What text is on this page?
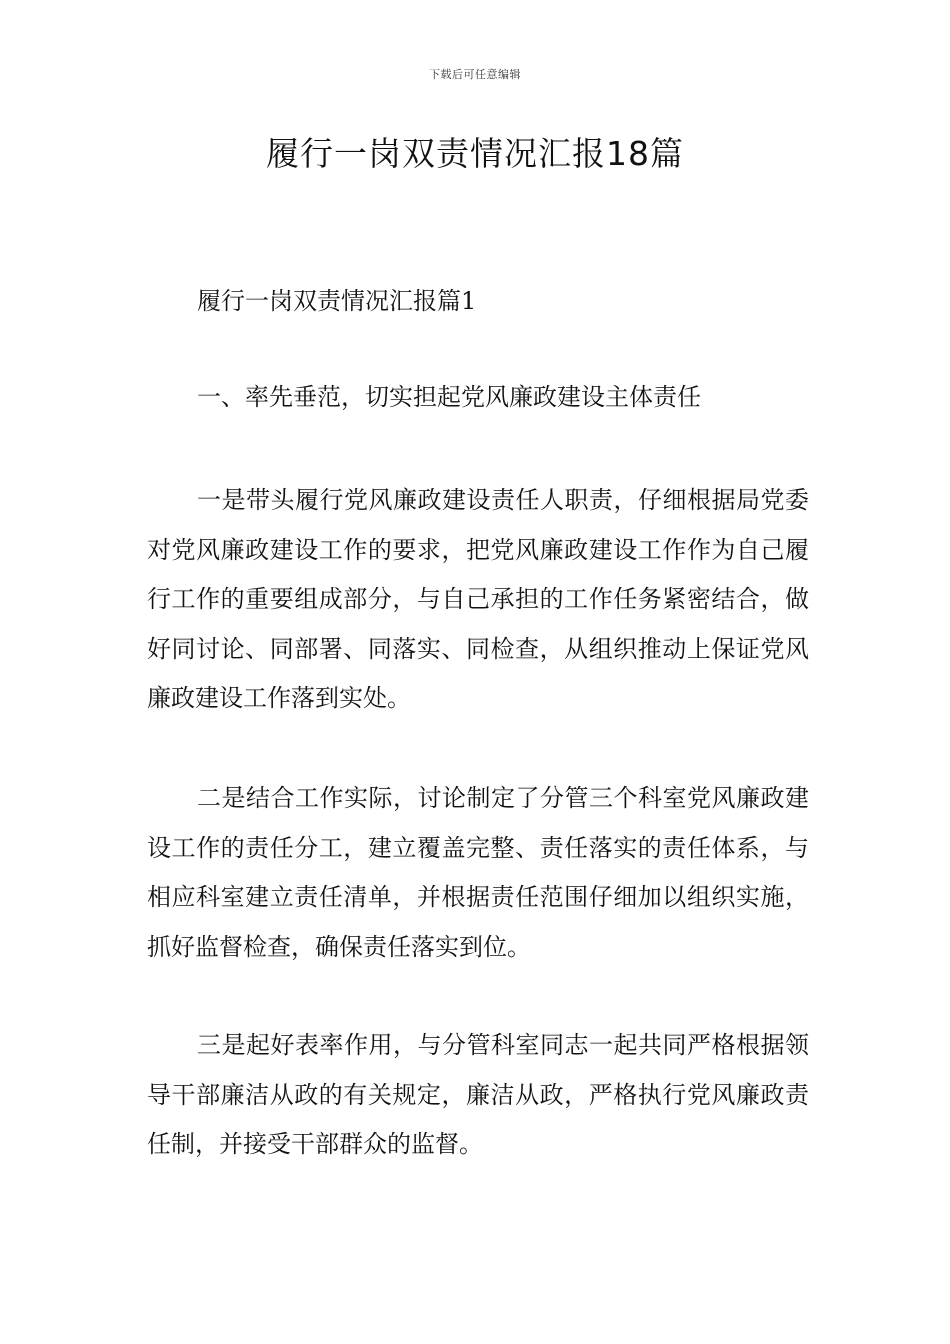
下载后可任意编辑
履行一岗双责情况汇报18篇
履行一岗双责情况汇报篇1
一、率先垂范，切实担起党风廉政建设主体责任

一是带头履行党风廉政建设责任人职责，仔细根据局党委对党风廉政建设工作的要求，把党风廉政建设工作作为自己履行工作的重要组成部分，与自己承担的工作任务紧密结合，做好同讨论、同部署、同落实、同检查，从组织推动上保证党风廉政建设工作落到实处。

二是结合工作实际，讨论制定了分管三个科室党风廉政建设工作的责任分工，建立覆盖完整、责任落实的责任体系，与相应科室建立责任清单，并根据责任范围仔细加以组织实施，抓好监督检查，确保责任落实到位。

三是起好表率作用，与分管科室同志一起共同严格根据领导干部廉洁从政的有关规定，廉洁从政，严格执行党风廉政责任制，并接受干部群众的监督。
